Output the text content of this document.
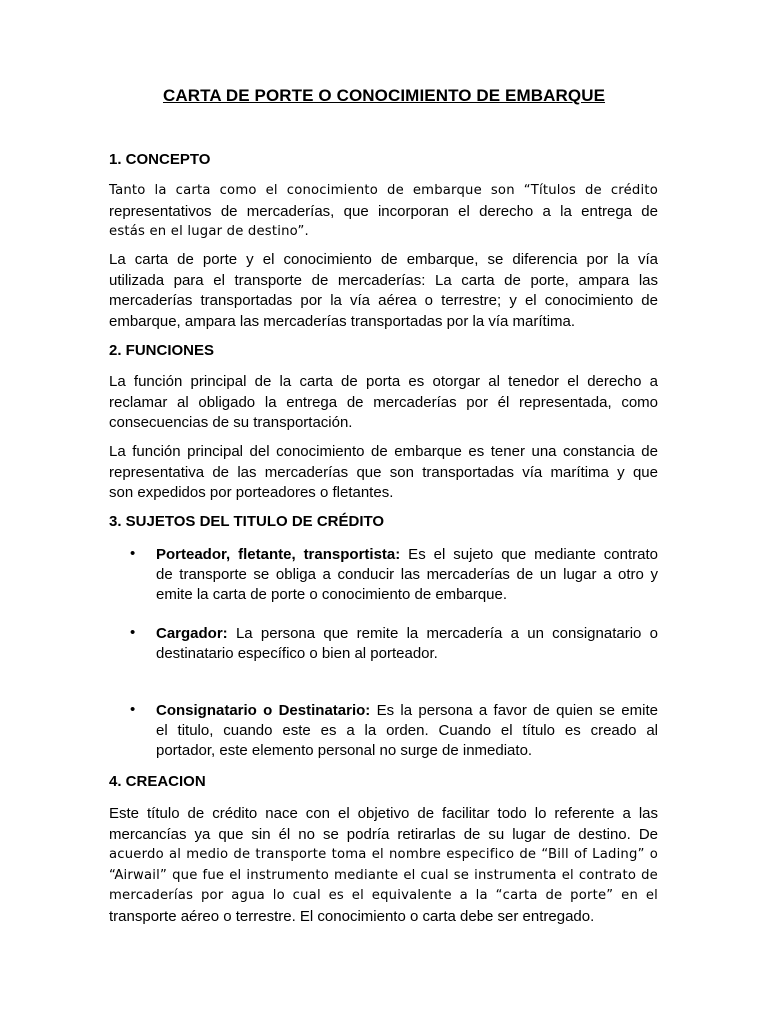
CARTA DE PORTE O CONOCIMIENTO DE EMBARQUE
1. CONCEPTO
Tanto la carta como el conocimiento de embarque son “Títulos de crédito
representativos de mercaderías, que incorporan el derecho a la entrega de
estás en el lugar de destino”.
La carta de porte y el conocimiento de embarque, se diferencia por la vía
utilizada para el transporte de mercaderías: La carta de porte, ampara las
mercaderías transportadas por la vía aérea o terrestre; y el conocimiento de
embarque, ampara las mercaderías transportadas por la vía marítima.
2. FUNCIONES
La función principal de la carta de porta es otorgar al tenedor el derecho a
reclamar al obligado la entrega de mercaderías por él representada, como
consecuencias de su transportación.
La función principal del conocimiento de embarque es tener una constancia de
representativa de las mercaderías que son transportadas vía marítima y que
son expedidos por porteadores o fletantes.
3. SUJETOS DEL TITULO DE CRÉDITO
• Porteador, fletante, transportista: Es el sujeto que mediante contrato
de transporte se obliga a conducir las mercaderías de un lugar a otro y
emite la carta de porte o conocimiento de embarque.
• Cargador: La persona que remite la mercadería a un consignatario o
destinatario específico o bien al porteador.
• Consignatario o Destinatario: Es la persona a favor de quien se emite
el titulo, cuando este es a la orden. Cuando el título es creado al
portador, este elemento personal no surge de inmediato.
4. CREACION
Este título de crédito nace con el objetivo de facilitar todo lo referente a las
mercancías ya que sin él no se podría retirarlas de su lugar de destino. De
acuerdo al medio de transporte toma el nombre especifico de “Bill of Lading” o
“Airwail” que fue el instrumento mediante el cual se instrumenta el contrato de
mercaderías por agua lo cual es el equivalente a la “carta de porte” en el
transporte aéreo o terrestre. El conocimiento o carta debe ser entregado.
